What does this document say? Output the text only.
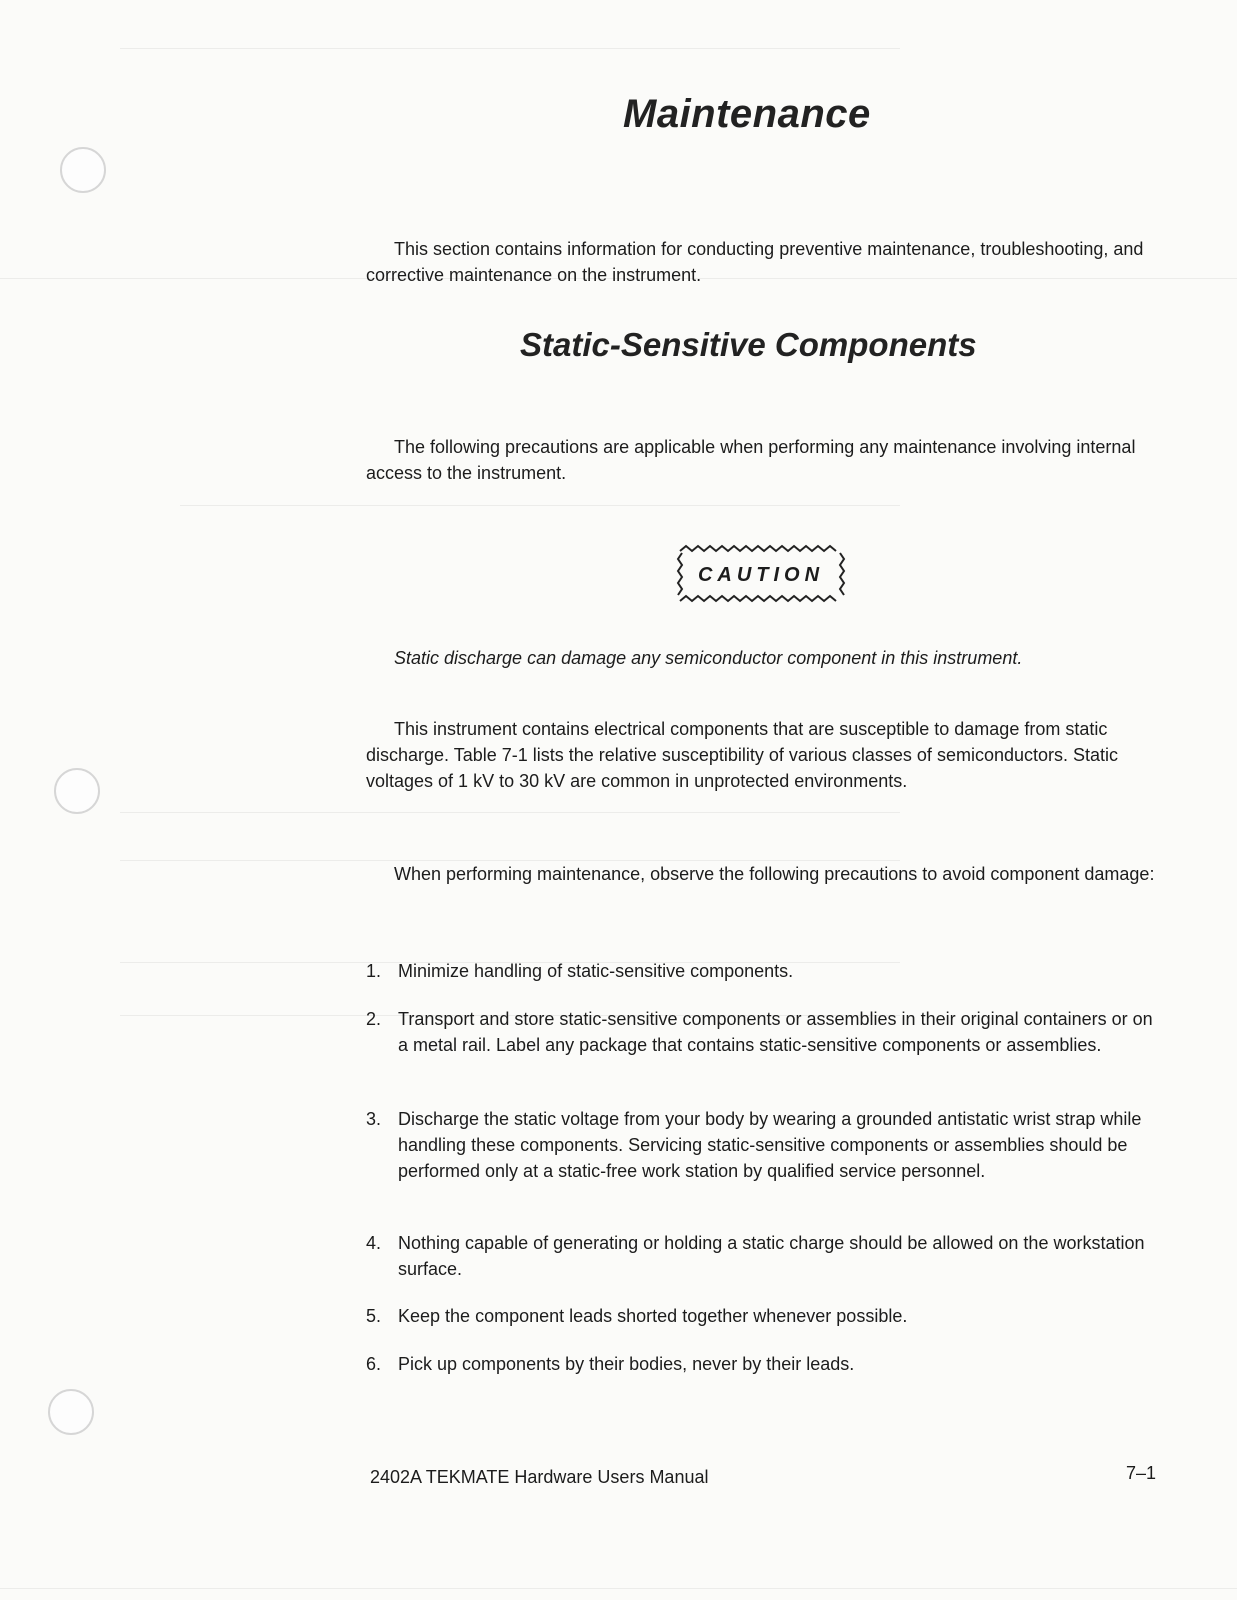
Maintenance
This section contains information for conducting preventive maintenance, troubleshooting, and corrective maintenance on the instrument.
Static-Sensitive Components
The following precautions are applicable when performing any maintenance involving internal access to the instrument.
CAUTION
Static discharge can damage any semiconductor component in this instrument.
This instrument contains electrical components that are susceptible to damage from static discharge. Table 7-1 lists the relative susceptibility of various classes of semiconductors. Static voltages of 1 kV to 30 kV are common in unprotected environments.
When performing maintenance, observe the following precautions to avoid component damage:
1. Minimize handling of static-sensitive components.
2. Transport and store static-sensitive components or assemblies in their original containers or on a metal rail. Label any package that contains static-sensitive components or assemblies.
3. Discharge the static voltage from your body by wearing a grounded antistatic wrist strap while handling these components. Servicing static-sensitive components or assemblies should be performed only at a static-free work station by qualified service personnel.
4. Nothing capable of generating or holding a static charge should be allowed on the workstation surface.
5. Keep the component leads shorted together whenever possible.
6. Pick up components by their bodies, never by their leads.
2402A TEKMATE Hardware Users Manual	7–1
